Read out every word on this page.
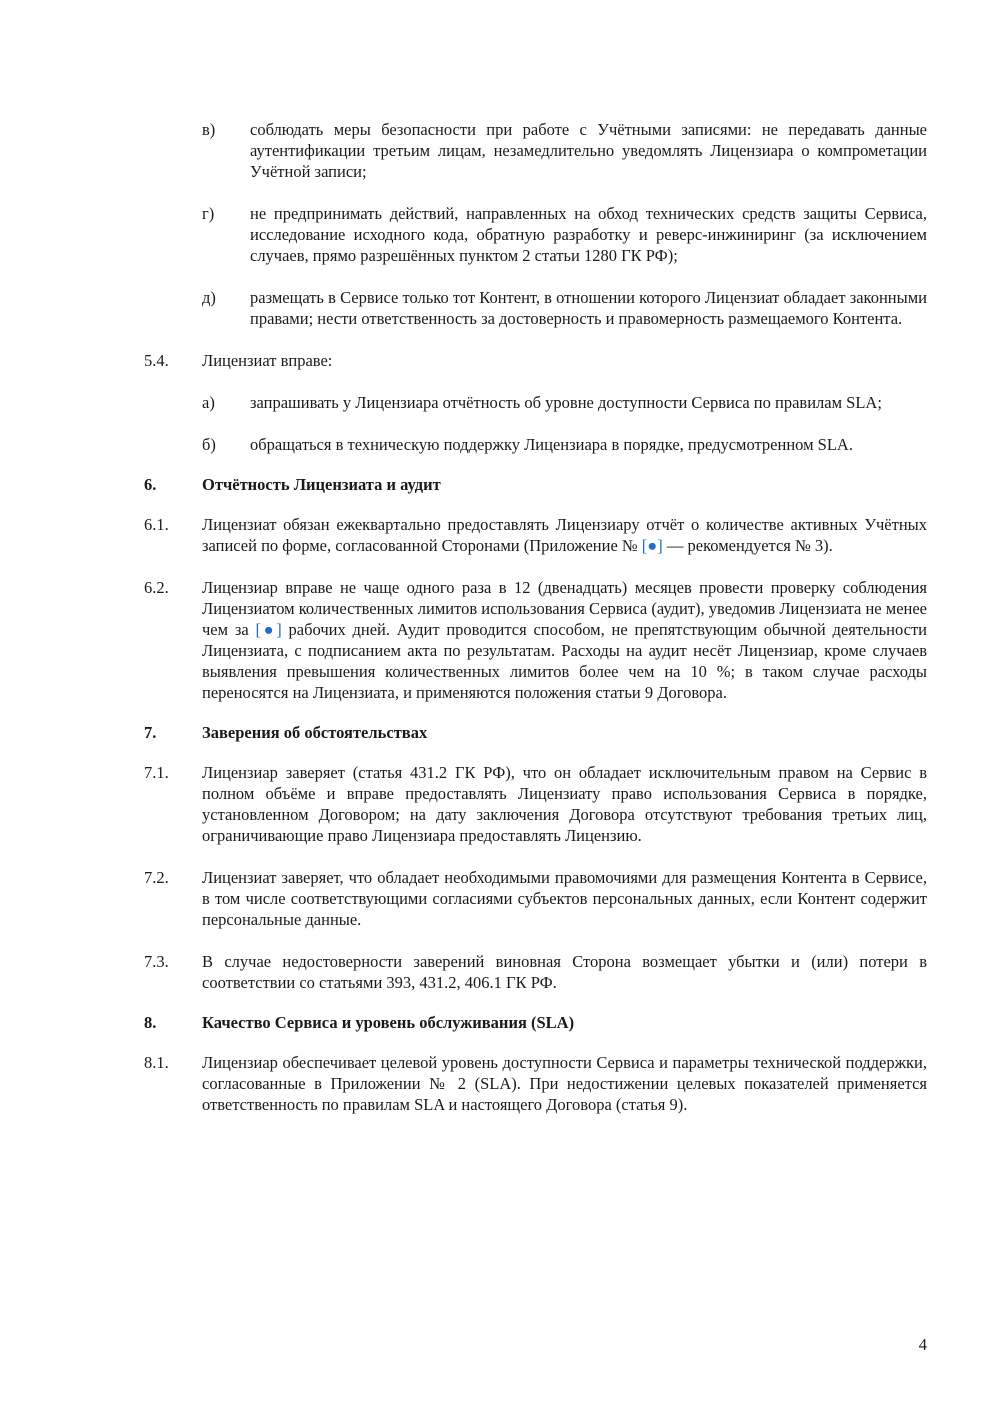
в) соблюдать меры безопасности при работе с Учётными записями: не передавать данные аутентификации третьим лицам, незамедлительно уведомлять Лицензиара о компрометации Учётной записи;
г) не предпринимать действий, направленных на обход технических средств защиты Сервиса, исследование исходного кода, обратную разработку и реверс-инжиниринг (за исключением случаев, прямо разрешённых пунктом 2 статьи 1280 ГК РФ);
д) размещать в Сервисе только тот Контент, в отношении которого Лицензиат обладает законными правами; нести ответственность за достоверность и правомерность размещаемого Контента.
5.4. Лицензиат вправе:
а) запрашивать у Лицензиара отчётность об уровне доступности Сервиса по правилам SLA;
б) обращаться в техническую поддержку Лицензиара в порядке, предусмотренном SLA.
6.	Отчётность Лицензиата и аудит
6.1. Лицензиат обязан ежеквартально предоставлять Лицензиару отчёт о количестве активных Учётных записей по форме, согласованной Сторонами (Приложение № [●] — рекомендуется № 3).
6.2. Лицензиар вправе не чаще одного раза в 12 (двенадцать) месяцев провести проверку соблюдения Лицензиатом количественных лимитов использования Сервиса (аудит), уведомив Лицензиата не менее чем за [●] рабочих дней. Аудит проводится способом, не препятствующим обычной деятельности Лицензиата, с подписанием акта по результатам. Расходы на аудит несёт Лицензиар, кроме случаев выявления превышения количественных лимитов более чем на 10 %; в таком случае расходы переносятся на Лицензиата, и применяются положения статьи 9 Договора.
7.	Заверения об обстоятельствах
7.1. Лицензиар заверяет (статья 431.2 ГК РФ), что он обладает исключительным правом на Сервис в полном объёме и вправе предоставлять Лицензиату право использования Сервиса в порядке, установленном Договором; на дату заключения Договора отсутствуют требования третьих лиц, ограничивающие право Лицензиара предоставлять Лицензию.
7.2. Лицензиат заверяет, что обладает необходимыми правомочиями для размещения Контента в Сервисе, в том числе соответствующими согласиями субъектов персональных данных, если Контент содержит персональные данные.
7.3. В случае недостоверности заверений виновная Сторона возмещает убытки и (или) потери в соответствии со статьями 393, 431.2, 406.1 ГК РФ.
8.	Качество Сервиса и уровень обслуживания (SLA)
8.1. Лицензиар обеспечивает целевой уровень доступности Сервиса и параметры технической поддержки, согласованные в Приложении № 2 (SLA). При недостижении целевых показателей применяется ответственность по правилам SLA и настоящего Договора (статья 9).
4
